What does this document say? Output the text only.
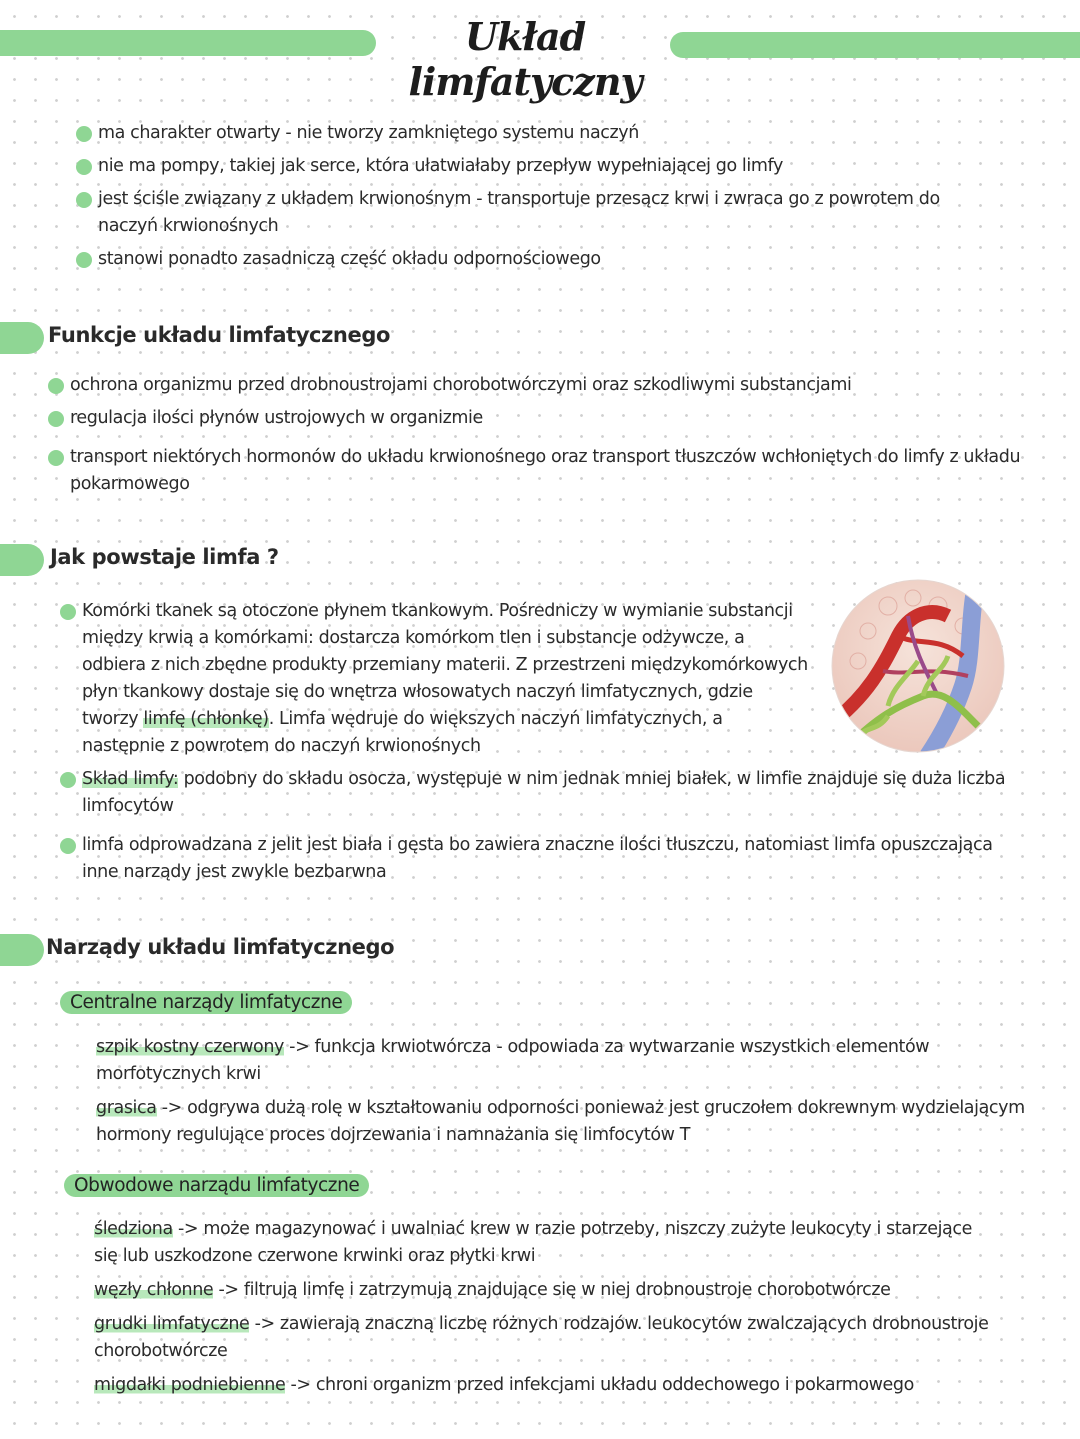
Układ limfatyczny
ma charakter otwarty - nie tworzy zamkniętego systemu naczyń
nie ma pompy, takiej jak serce, która ułatwiałaby przepływ wypełniającej go limfy
jest ściśle związany z układem krwionośnym - transportuje przesącz krwi i zwraca go z powrotem do naczyń krwionośnych
stanowi ponadto zasadniczą część okładu odpornościowego
Funkcje układu limfatycznego
ochrona organizmu przed drobnoustrojami chorobotwórczymi oraz szkodliwymi substancjami
regulacja ilości płynów ustrojowych w organizmie
transport niektórych hormonów do układu krwionośnego oraz transport tłuszczów wchłoniętych do limfy z układu pokarmowego
Jak powstaje limfa ?
Komórki tkanek są otoczone płynem tkankowym. Pośredniczy w wymianie substancji między krwią a komórkami: dostarcza komórkom tlen i substancje odżywcze, a odbiera z nich zbędne produkty przemiany materii. Z przestrzeni międzykomórkowych płyn tkankowy dostaje się do wnętrza włosowatych naczyń limfatycznych, gdzie tworzy limfę (chłonkę). Limfa wędruje do większych naczyń limfatycznych, a następnie z powrotem do naczyń krwionośnych
Skład limfy: podobny do składu osocza, występuje w nim jednak mniej białek, w limfie znajduje się duża liczba limfocytów
limfa odprowadzana z jelit jest biała i gęsta bo zawiera znaczne ilości tłuszczu, natomiast limfa opuszczająca inne narządy jest zwykle bezbarwna
Narządy układu limfatycznego
Centralne narządy limfatyczne
szpik kostny czerwony -> funkcja krwiotwórcza - odpowiada za wytwarzanie wszystkich elementów morfotycznych krwi
grasica -> odgrywa dużą rolę w kształtowaniu odporności ponieważ jest gruczołem dokrewnym wydzielającym hormony regulujące proces dojrzewania i namnażania się limfocytów T
Obwodowe narządu limfatyczne
śledziona -> może magazynować i uwalniać krew w razie potrzeby, niszczy zużyte leukocyty i starzejące się lub uszkodzone czerwone krwinki oraz płytki krwi
węzły chłonne -> filtrują limfę i zatrzymują znajdujące się w niej drobnoustroje chorobotwórcze
grudki limfatyczne -> zawierają znaczną liczbę różnych rodzajów. leukocytów zwalczających drobnoustroje chorobotwórcze
migdałki podniebienne -> chroni organizm przed infekcjami układu oddechowego i pokarmowego
